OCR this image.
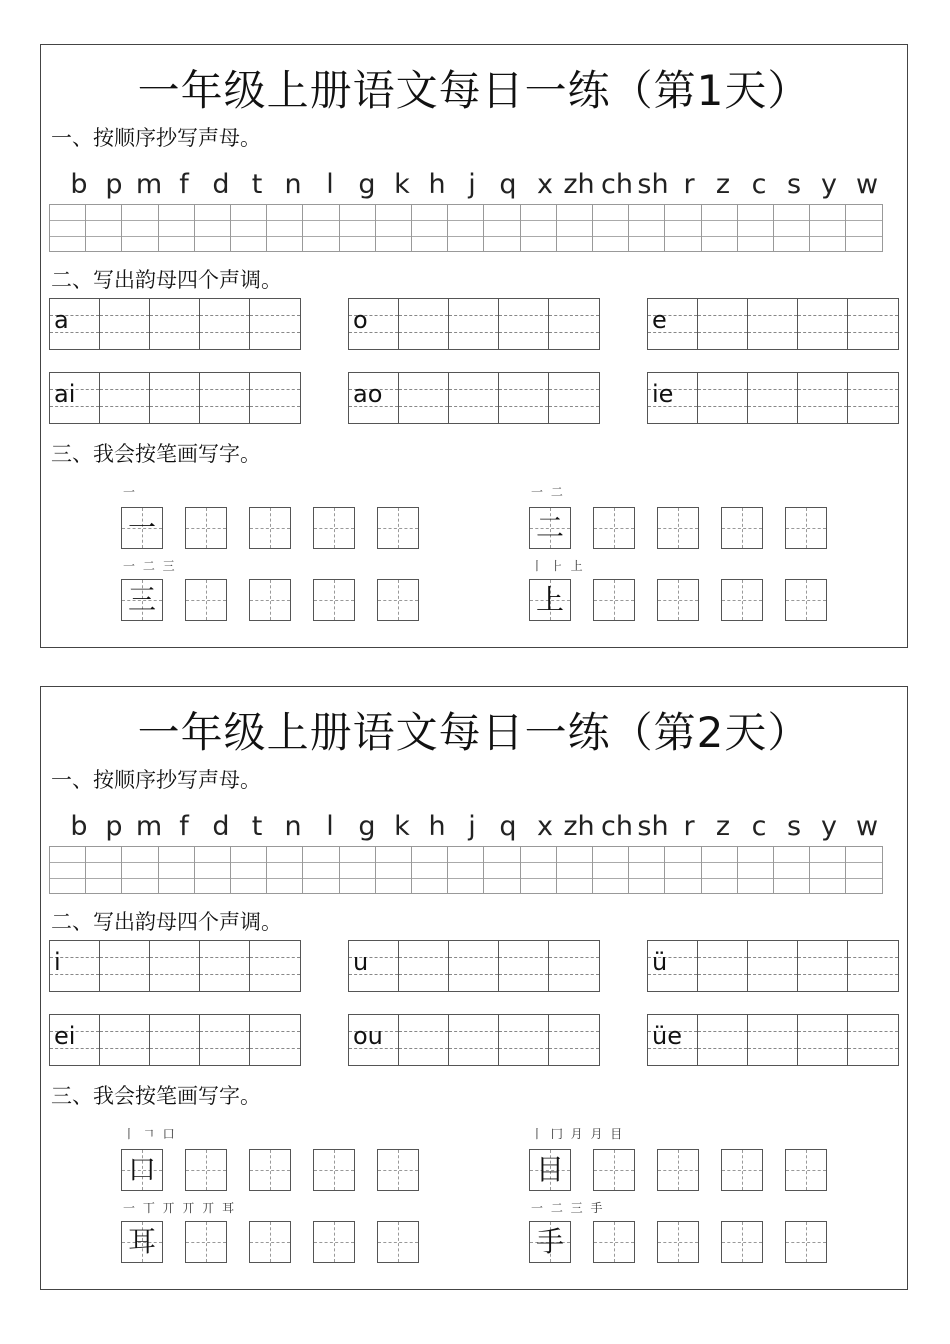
一年级上册语文每日一练（第1天）
一、按顺序抄写声母。
b p m f d t n l g k h j q x zh ch sh r z c s y w
二、写出韵母四个声调。
a	o	e
ai	ao	ie
三、我会按笔画写字。
一
一
一 二
二
一 二 三
三
丨 ⺊ 上
上
一年级上册语文每日一练（第2天）
一、按顺序抄写声母。
b p m f d t n l g k h j q x zh ch sh r z c s y w
二、写出韵母四个声调。
i	u	ü
ei	ou	üe
三、我会按笔画写字。
丨 𠃍 口
口
丨 冂 月 月 目
目
一 丅 丌 丌 丌 耳
耳
一 二 三 手
手
